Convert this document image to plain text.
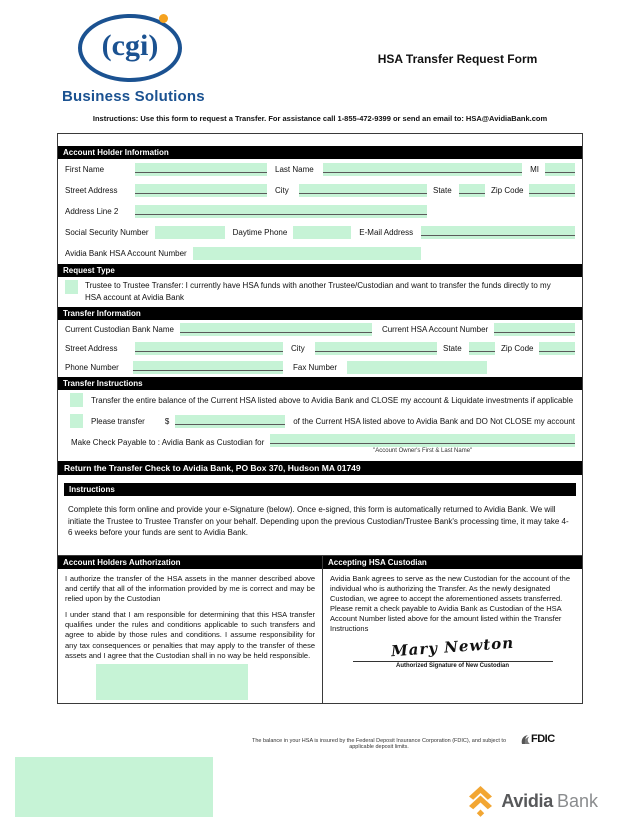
(cgi)
Business Solutions
HSA Transfer Request Form
Instructions: Use this form to request a Transfer. For assistance call 1-855-472-9399 or send an email to: HSA@AvidiaBank.com
Account Holder Information
First Name	Last Name	MI
Street Address	City	State	Zip Code
Address Line 2
Social Security Number	Daytime Phone	E-Mail Address
Avidia Bank HSA Account Number
Request Type
Trustee to Trustee Transfer: I currently have HSA funds with another Trustee/Custodian and want to transfer the funds directly to my HSA account at Avidia Bank
Transfer Information
Current Custodian Bank Name	Current HSA Account Number
Street Address	City	State	Zip Code
Phone Number	Fax Number
Transfer Instructions
Transfer the entire balance of the Current HSA listed above to Avidia Bank and CLOSE my account & Liquidate investments if applicable
Please transfer	$	of the Current HSA listed above to Avidia Bank and DO Not CLOSE my account
Make Check Payable to : Avidia Bank as Custodian for
"Account Owner's First & Last Name"
Return the Transfer Check to Avidia Bank, PO Box 370, Hudson MA 01749
Instructions
Complete this form online and provide your e-Signature (below). Once e-signed, this form is automatically returned to Avidia Bank. We will initiate the Trustee to Trustee Transfer on your behalf. Depending upon the previous Custodian/Trustee Bank's processing time, it may take 4-6 weeks before your funds are sent to Avidia Bank.
Account Holders Authorization

I authorize the transfer of the HSA assets in the manner described above and certify that all of the information provided by me is correct and may be relied upon by the Custodian

I under stand that I am responsible for determining that this HSA transfer qualifies under the rules and conditions applicable to such transfers and agree to abide by those rules and conditions. I assume responsibility for any tax consequences or penalties that may apply to the transfer of these assets and I agree that the Custodian shall in no way be held responsible.

Accepting HSA Custodian
Avidia Bank agrees to serve as the new Custodian for the account of the individual who is authorizing the Transfer. As the newly designated Custodian, we agree to accept the aforementioned assets transferred. Please remit a check payable to Avidia Bank as Custodian of the HSA Account Number listed above for the amount listed within the Transfer Instructions
Mary Newton
Authorized Signature of New Custodian
The balance in your HSA is insured by the Federal Deposit Insurance Corporation (FDIC), and subject to applicable deposit limits.
FDIC
Avidia Bank
